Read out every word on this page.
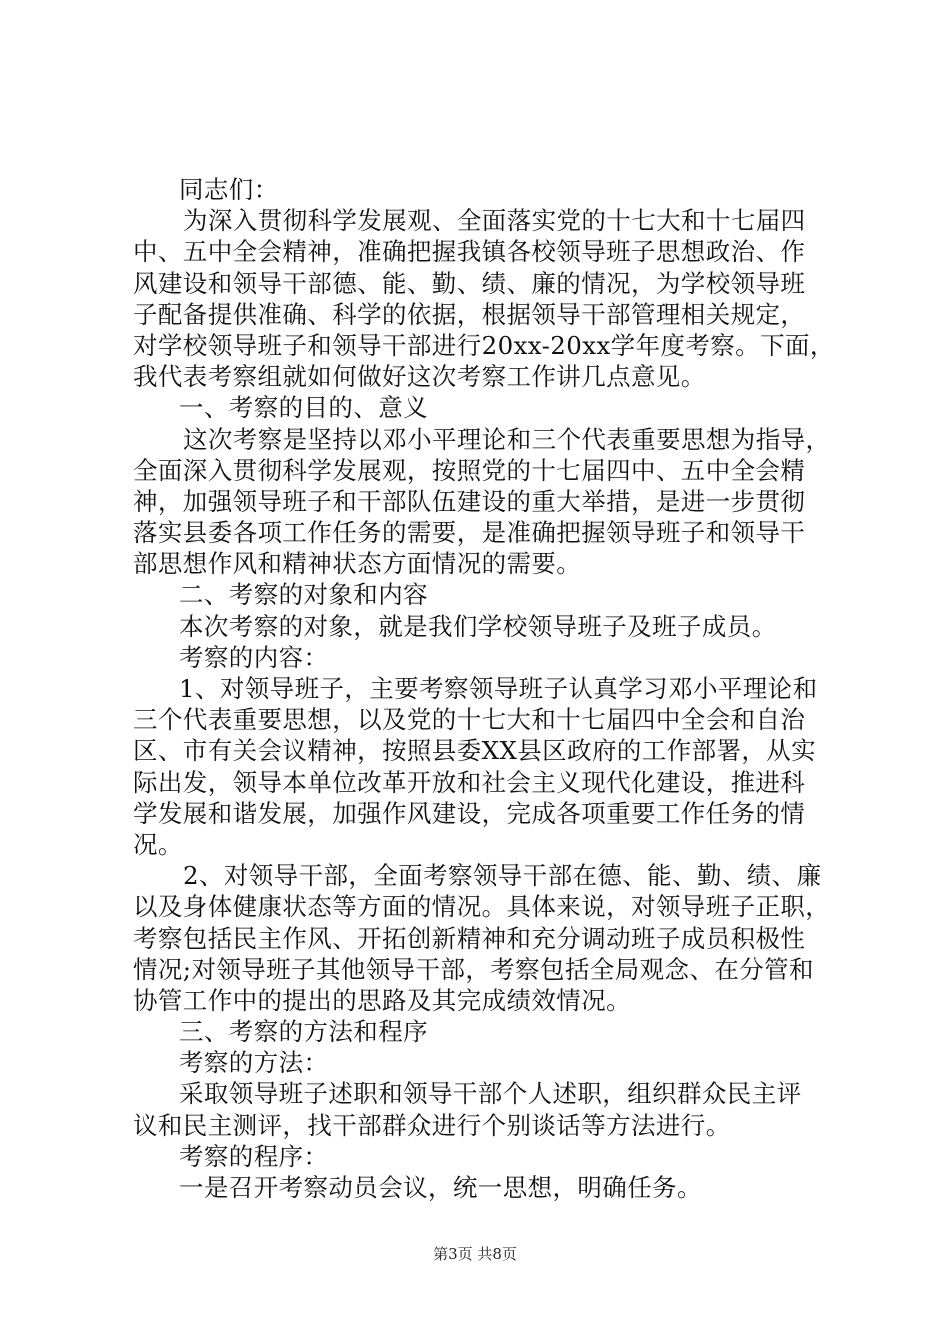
同志们：
为深入贯彻科学发展观、全面落实党的十七大和十七届四
中、五中全会精神，准确把握我镇各校领导班子思想政治、作
风建设和领导干部德、能、勤、绩、廉的情况，为学校领导班
子配备提供准确、科学的依据，根据领导干部管理相关规定，
对学校领导班子和领导干部进行20xx-20xx学年度考察。下面，
我代表考察组就如何做好这次考察工作讲几点意见。
一、考察的目的、意义
这次考察是坚持以邓小平理论和三个代表重要思想为指导，
全面深入贯彻科学发展观，按照党的十七届四中、五中全会精
神，加强领导班子和干部队伍建设的重大举措，是进一步贯彻
落实县委各项工作任务的需要，是准确把握领导班子和领导干
部思想作风和精神状态方面情况的需要。
二、考察的对象和内容
本次考察的对象，就是我们学校领导班子及班子成员。
考察的内容：
1、对领导班子，主要考察领导班子认真学习邓小平理论和
三个代表重要思想，以及党的十七大和十七届四中全会和自治
区、市有关会议精神，按照县委XX县区政府的工作部署，从实
际出发，领导本单位改革开放和社会主义现代化建设，推进科
学发展和谐发展，加强作风建设，完成各项重要工作任务的情
况。
2、对领导干部，全面考察领导干部在德、能、勤、绩、廉
以及身体健康状态等方面的情况。具体来说，对领导班子正职，
考察包括民主作风、开拓创新精神和充分调动班子成员积极性
情况;对领导班子其他领导干部，考察包括全局观念、在分管和
协管工作中的提出的思路及其完成绩效情况。
三、考察的方法和程序
考察的方法：
采取领导班子述职和领导干部个人述职，组织群众民主评
议和民主测评，找干部群众进行个别谈话等方法进行。
考察的程序：
一是召开考察动员会议，统一思想，明确任务。
第3页 共8页
